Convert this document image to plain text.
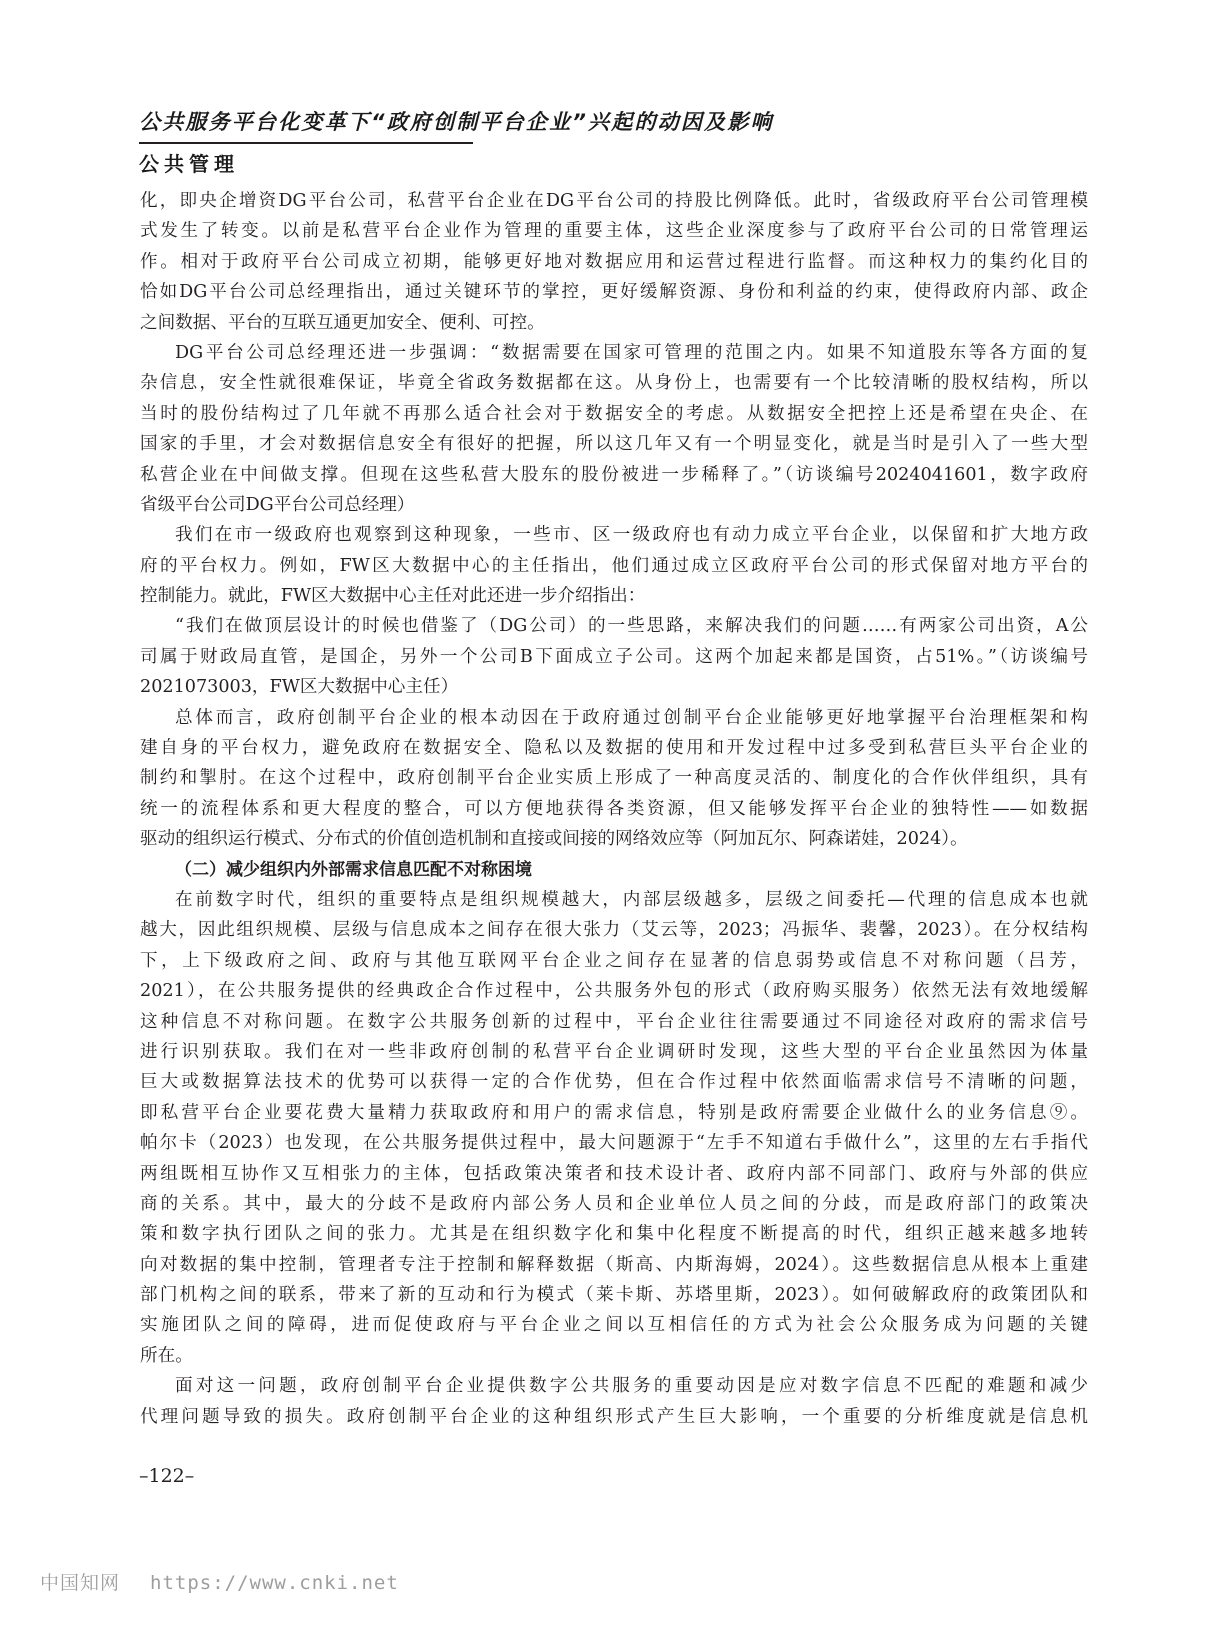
公共服务平台化变革下“政府创制平台企业”兴起的动因及影响
公共管理
化，即央企增资DG平台公司，私营平台企业在DG平台公司的持股比例降低。此时，省级政府平台公司管理模
式发生了转变。以前是私营平台企业作为管理的重要主体，这些企业深度参与了政府平台公司的日常管理运
作。相对于政府平台公司成立初期，能够更好地对数据应用和运营过程进行监督。而这种权力的集约化目的
恰如DG平台公司总经理指出，通过关键环节的掌控，更好缓解资源、身份和利益的约束，使得政府内部、政企
之间数据、平台的互联互通更加安全、便利、可控。
DG平台公司总经理还进一步强调：“数据需要在国家可管理的范围之内。如果不知道股东等各方面的复
杂信息，安全性就很难保证，毕竟全省政务数据都在这。从身份上，也需要有一个比较清晰的股权结构，所以
当时的股份结构过了几年就不再那么适合社会对于数据安全的考虑。从数据安全把控上还是希望在央企、在
国家的手里，才会对数据信息安全有很好的把握，所以这几年又有一个明显变化，就是当时是引入了一些大型
私营企业在中间做支撑。但现在这些私营大股东的股份被进一步稀释了。”（访谈编号2024041601，数字政府
省级平台公司DG平台公司总经理）
我们在市一级政府也观察到这种现象，一些市、区一级政府也有动力成立平台企业，以保留和扩大地方政
府的平台权力。例如，FW区大数据中心的主任指出，他们通过成立区政府平台公司的形式保留对地方平台的
控制能力。就此，FW区大数据中心主任对此还进一步介绍指出：
“我们在做顶层设计的时候也借鉴了（DG公司）的一些思路，来解决我们的问题……有两家公司出资，A公
司属于财政局直管，是国企，另外一个公司B下面成立子公司。这两个加起来都是国资，占51%。”（访谈编号
2021073003，FW区大数据中心主任）
总体而言，政府创制平台企业的根本动因在于政府通过创制平台企业能够更好地掌握平台治理框架和构
建自身的平台权力，避免政府在数据安全、隐私以及数据的使用和开发过程中过多受到私营巨头平台企业的
制约和掣肘。在这个过程中，政府创制平台企业实质上形成了一种高度灵活的、制度化的合作伙伴组织，具有
统一的流程体系和更大程度的整合，可以方便地获得各类资源，但又能够发挥平台企业的独特性——如数据
驱动的组织运行模式、分布式的价值创造机制和直接或间接的网络效应等（阿加瓦尔、阿森诺娃，2024）。
（二）减少组织内外部需求信息匹配不对称困境
在前数字时代，组织的重要特点是组织规模越大，内部层级越多，层级之间委托—代理的信息成本也就
越大，因此组织规模、层级与信息成本之间存在很大张力（艾云等，2023；冯振华、裴馨，2023）。在分权结构
下，上下级政府之间、政府与其他互联网平台企业之间存在显著的信息弱势或信息不对称问题（吕芳，
2021），在公共服务提供的经典政企合作过程中，公共服务外包的形式（政府购买服务）依然无法有效地缓解
这种信息不对称问题。在数字公共服务创新的过程中，平台企业往往需要通过不同途径对政府的需求信号
进行识别获取。我们在对一些非政府创制的私营平台企业调研时发现，这些大型的平台企业虽然因为体量
巨大或数据算法技术的优势可以获得一定的合作优势，但在合作过程中依然面临需求信号不清晰的问题，
即私营平台企业要花费大量精力获取政府和用户的需求信息，特别是政府需要企业做什么的业务信息⑨。
帕尔卡（2023）也发现，在公共服务提供过程中，最大问题源于“左手不知道右手做什么”，这里的左右手指代
两组既相互协作又互相张力的主体，包括政策决策者和技术设计者、政府内部不同部门、政府与外部的供应
商的关系。其中，最大的分歧不是政府内部公务人员和企业单位人员之间的分歧，而是政府部门的政策决
策和数字执行团队之间的张力。尤其是在组织数字化和集中化程度不断提高的时代，组织正越来越多地转
向对数据的集中控制，管理者专注于控制和解释数据（斯高、内斯海姆，2024）。这些数据信息从根本上重建
部门机构之间的联系，带来了新的互动和行为模式（莱卡斯、苏塔里斯，2023）。如何破解政府的政策团队和
实施团队之间的障碍，进而促使政府与平台企业之间以互相信任的方式为社会公众服务成为问题的关键
所在。
面对这一问题，政府创制平台企业提供数字公共服务的重要动因是应对数字信息不匹配的难题和减少
代理问题导致的损失。政府创制平台企业的这种组织形式产生巨大影响，一个重要的分析维度就是信息机
–122–
中国知网 https://www.cnki.net
